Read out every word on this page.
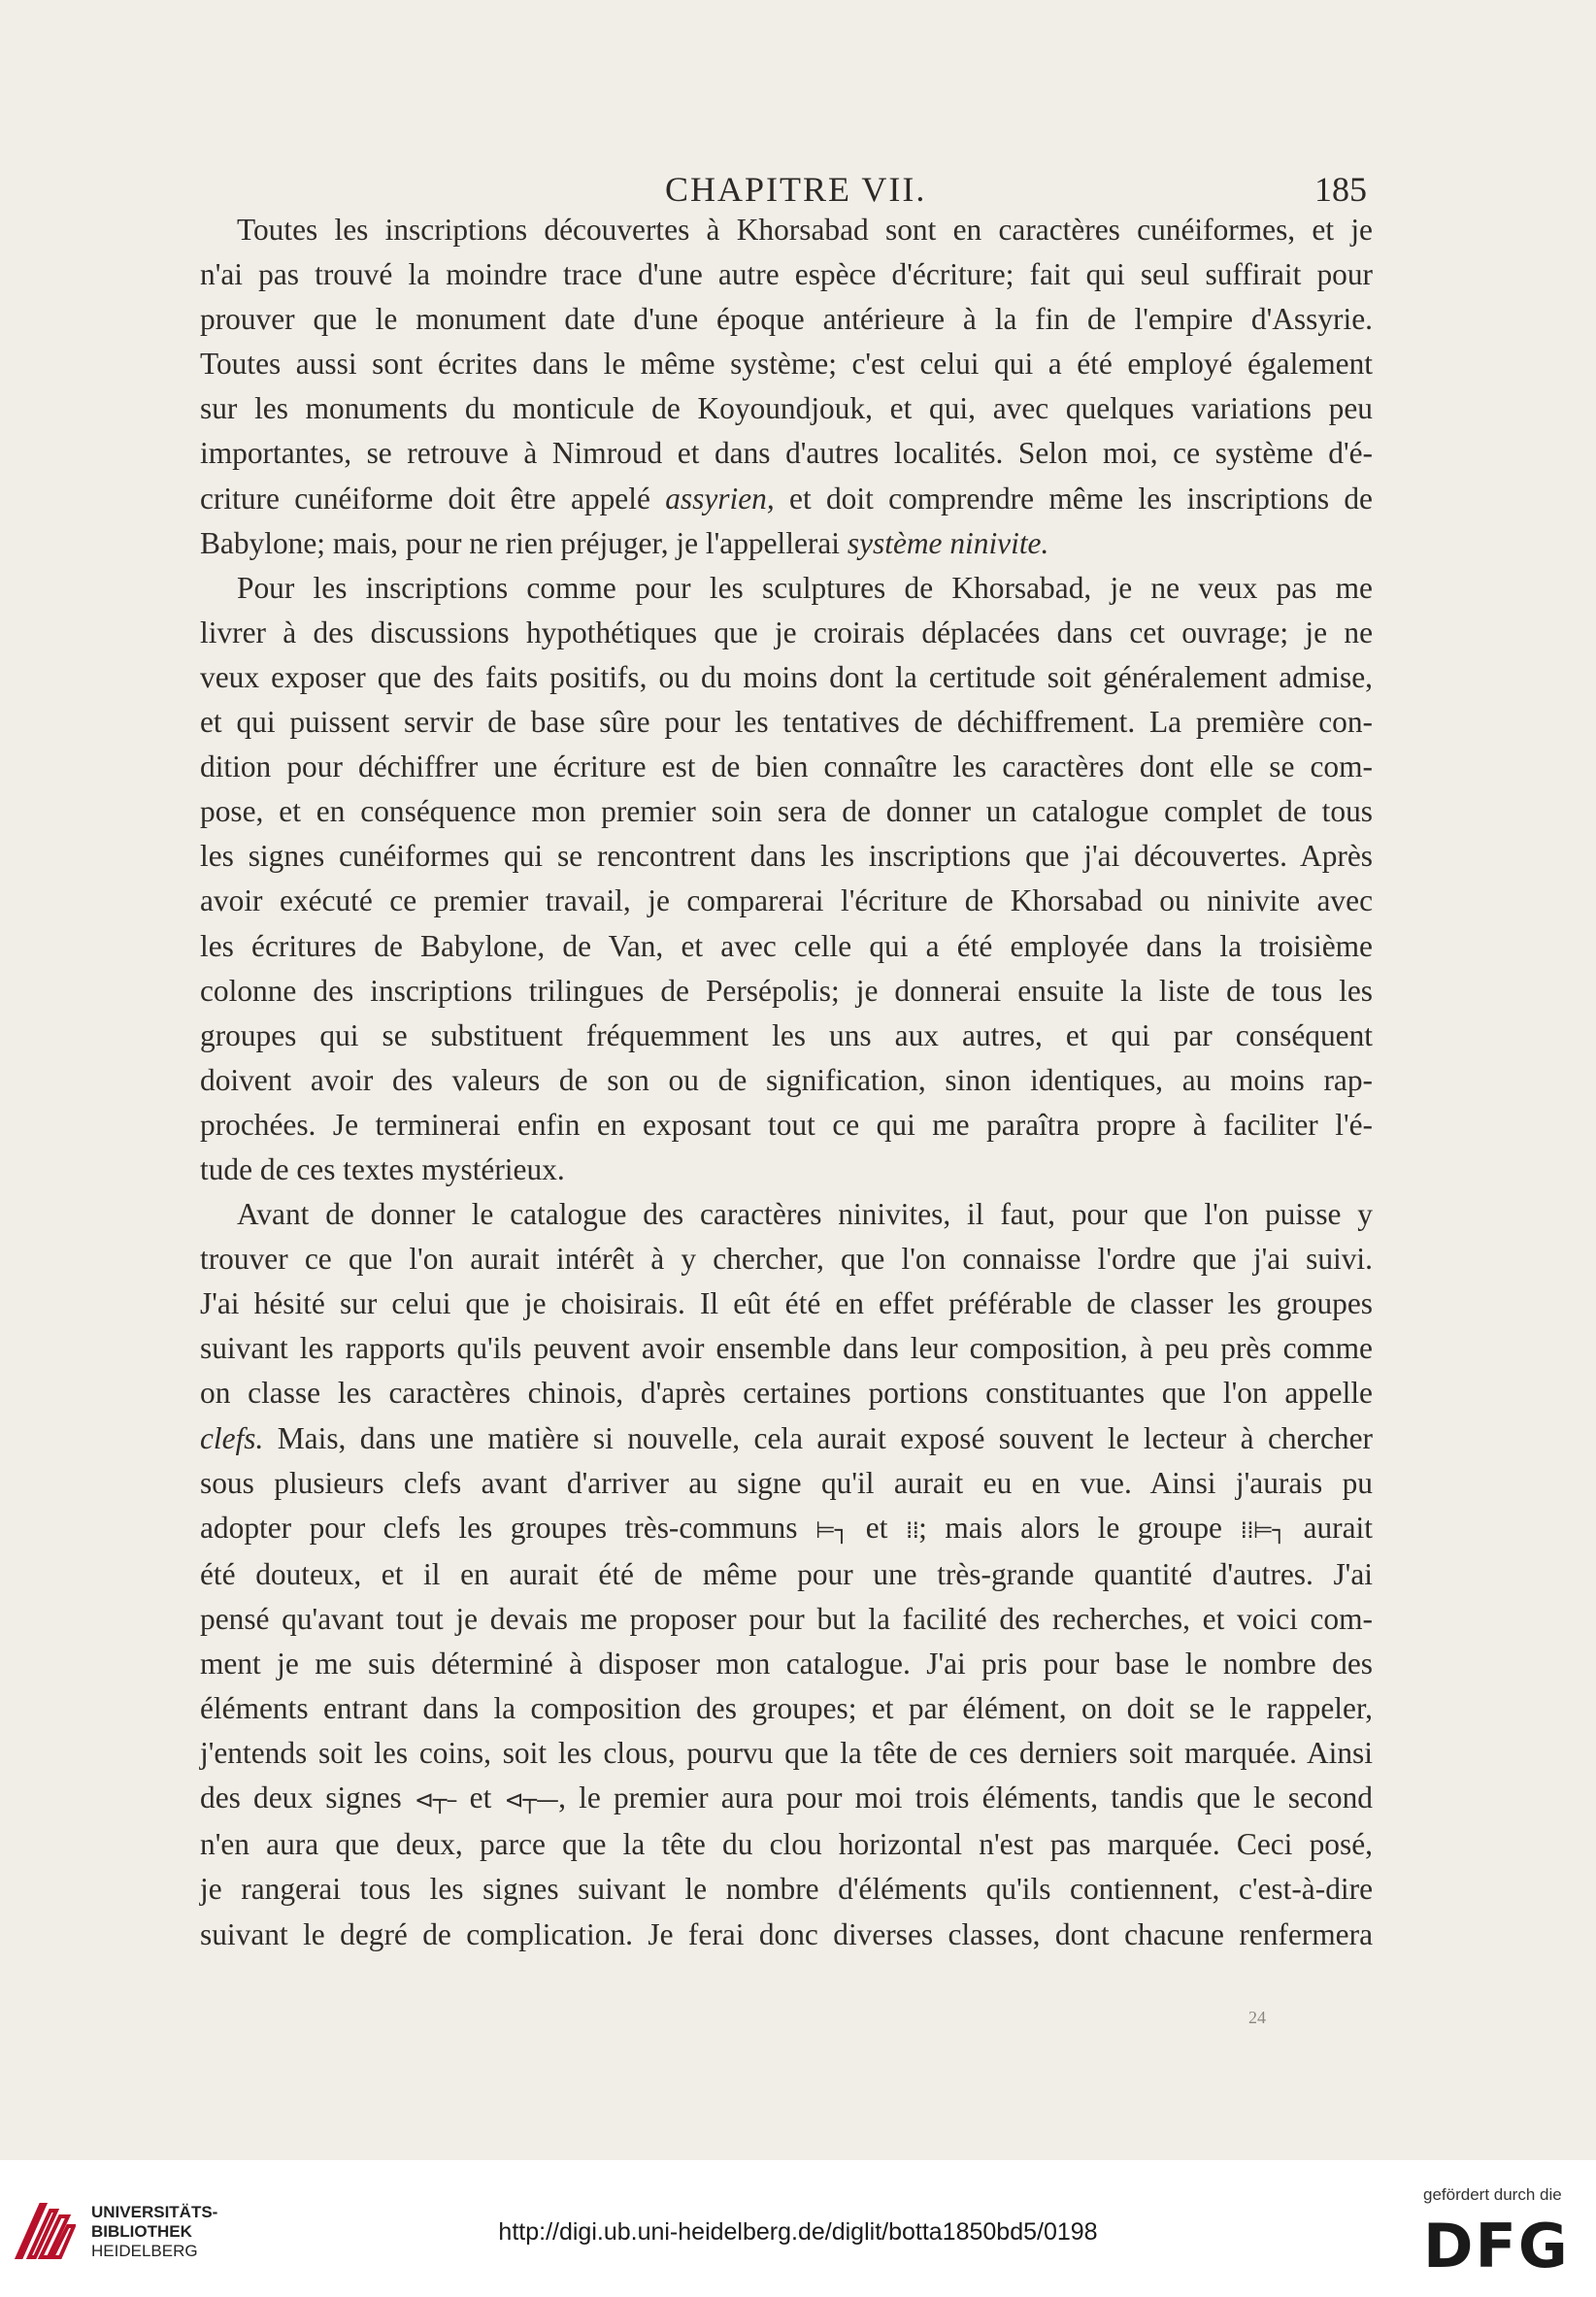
CHAPITRE VII.	185
Toutes les inscriptions découvertes à Khorsabad sont en caractères cunéiformes, et je
n'ai pas trouvé la moindre trace d'une autre espèce d'écriture; fait qui seul suffirait pour
prouver que le monument date d'une époque antérieure à la fin de l'empire d'Assyrie.
Toutes aussi sont écrites dans le même système; c'est celui qui a été employé également
sur les monuments du monticule de Koyoundjouk, et qui, avec quelques variations peu
importantes, se retrouve à Nimroud et dans d'autres localités. Selon moi, ce système d'é-
criture cunéiforme doit être appelé assyrien, et doit comprendre même les inscriptions de
Babylone; mais, pour ne rien préjuger, je l'appellerai système ninivite.
Pour les inscriptions comme pour les sculptures de Khorsabad, je ne veux pas me
livrer à des discussions hypothétiques que je croirais déplacées dans cet ouvrage; je ne
veux exposer que des faits positifs, ou du moins dont la certitude soit généralement admise,
et qui puissent servir de base sûre pour les tentatives de déchiffrement. La première con-
dition pour déchiffrer une écriture est de bien connaître les caractères dont elle se com-
pose, et en conséquence mon premier soin sera de donner un catalogue complet de tous
les signes cunéiformes qui se rencontrent dans les inscriptions que j'ai découvertes. Après
avoir exécuté ce premier travail, je comparerai l'écriture de Khorsabad ou ninivite avec
les écritures de Babylone, de Van, et avec celle qui a été employée dans la troisième
colonne des inscriptions trilingues de Persépolis; je donnerai ensuite la liste de tous les
groupes qui se substituent fréquemment les uns aux autres, et qui par conséquent
doivent avoir des valeurs de son ou de signification, sinon identiques, au moins rap-
prochées. Je terminerai enfin en exposant tout ce qui me paraîtra propre à faciliter l'é-
tude de ces textes mystérieux.
Avant de donner le catalogue des caractères ninivites, il faut, pour que l'on puisse y
trouver ce que l'on aurait intérêt à y chercher, que l'on connaisse l'ordre que j'ai suivi.
J'ai hésité sur celui que je choisirais. Il eût été en effet préférable de classer les groupes
suivant les rapports qu'ils peuvent avoir ensemble dans leur composition, à peu près comme
on classe les caractères chinois, d'après certaines portions constituantes que l'on appelle
clefs. Mais, dans une matière si nouvelle, cela aurait exposé souvent le lecteur à chercher
sous plusieurs clefs avant d'arriver au signe qu'il aurait eu en vue. Ainsi j'aurais pu
adopter pour clefs les groupes très-communs ⊨┐ et ⁞⁞; mais alors le groupe ⁞⁞⊨┐ aurait
été douteux, et il en aurait été de même pour une très-grande quantité d'autres. J'ai
pensé qu'avant tout je devais me proposer pour but la facilité des recherches, et voici com-
ment je me suis déterminé à disposer mon catalogue. J'ai pris pour base le nombre des
éléments entrant dans la composition des groupes; et par élément, on doit se le rappeler,
j'entends soit les coins, soit les clous, pourvu que la tête de ces derniers soit marquée. Ainsi
des deux signes ⊲┬– et ⊲┬—, le premier aura pour moi trois éléments, tandis que le second
n'en aura que deux, parce que la tête du clou horizontal n'est pas marquée. Ceci posé,
je rangerai tous les signes suivant le nombre d'éléments qu'ils contiennent, c'est-à-dire
suivant le degré de complication. Je ferai donc diverses classes, dont chacune renfermera
24
UNIVERSITÄTS-
BIBLIOTHEK
HEIDELBERG
http://digi.ub.uni-heidelberg.de/diglit/botta1850bd5/0198
gefördert durch die
DFG
